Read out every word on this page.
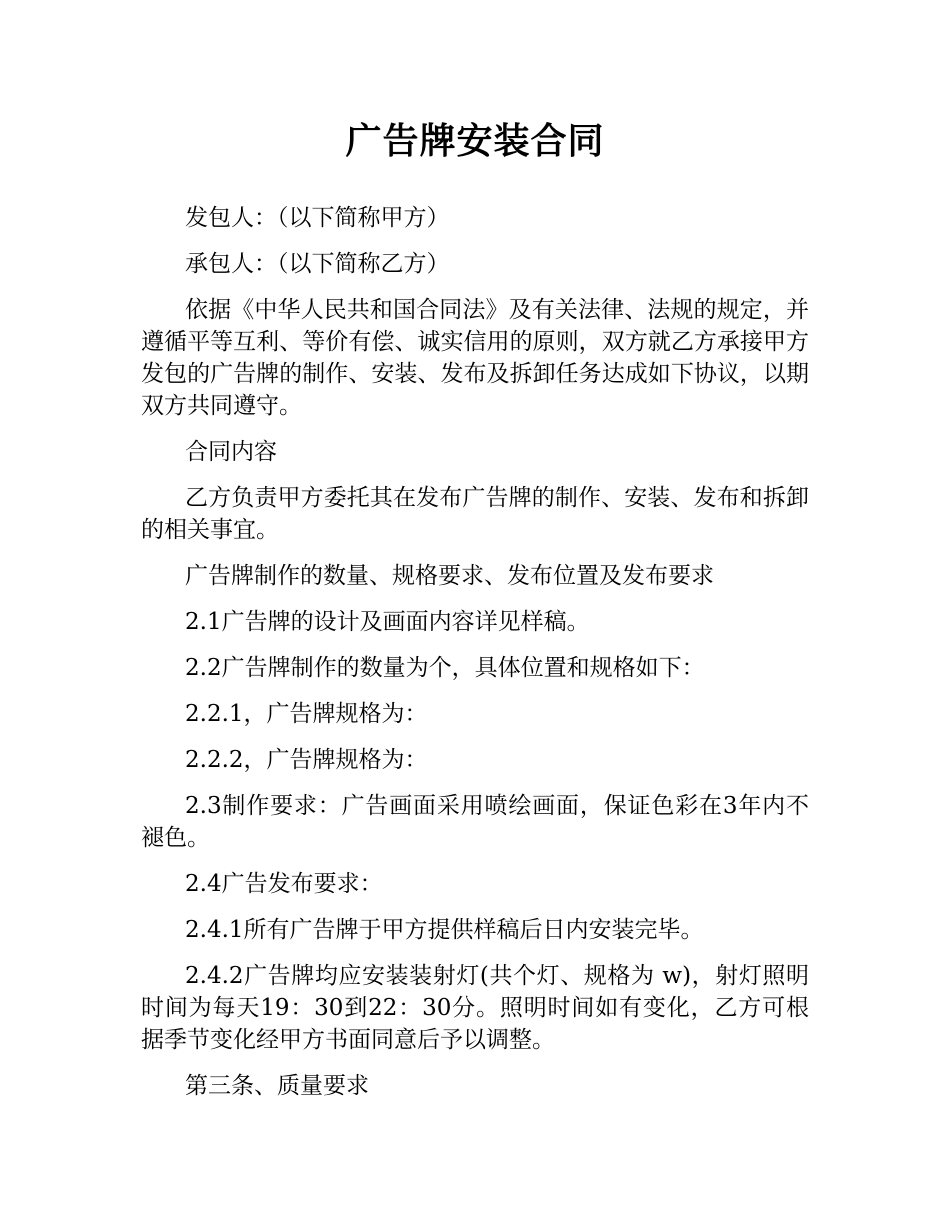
广告牌安装合同

发包人：（以下简称甲方）

承包人：（以下简称乙方）

依据《中华人民共和国合同法》及有关法律、法规的规定，并遵循平等互利、等价有偿、诚实信用的原则，双方就乙方承接甲方发包的广告牌的制作、安装、发布及拆卸任务达成如下协议，以期双方共同遵守。

合同内容

乙方负责甲方委托其在发布广告牌的制作、安装、发布和拆卸的相关事宜。

广告牌制作的数量、规格要求、发布位置及发布要求

2.1广告牌的设计及画面内容详见样稿。

2.2广告牌制作的数量为个，具体位置和规格如下：

2.2.1，广告牌规格为：

2.2.2，广告牌规格为：

2.3制作要求：广告画面采用喷绘画面，保证色彩在3年内不褪色。

2.4广告发布要求：

2.4.1所有广告牌于甲方提供样稿后日内安装完毕。

2.4.2广告牌均应安装装射灯(共个灯、规格为 w)，射灯照明时间为每天19：30到22：30分。照明时间如有变化，乙方可根据季节变化经甲方书面同意后予以调整。

第三条、质量要求
